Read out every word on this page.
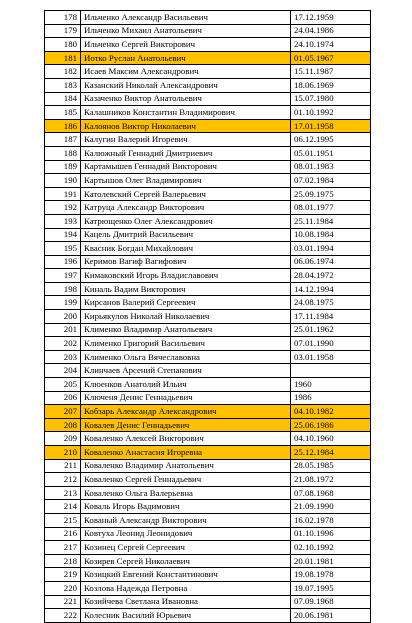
178	Ильченко Александр Васильевич	17.12.1959
179	Ильченко Михаил Анатольевич	24.04.1986
180	Ильченко Сергей Викторович	24.10.1974
181	Иотко Руслан Анатольевич	01.05.1967
182	Исаев Максим Александрович	15.11.1987
183	Казанский Николай Александрович	18.06.1969
184	Казаченко Виктор Анатольевич	15.07.1980
185	Калашников Константин Владимирович	01.10.1992
186	Калоянов Виктор Николаевич	17.01.1958
187	Калугин Валерий Игоревич	06.12.1995
188	Калюжный Геннадий Дмитриевич	05.01.1951
189	Картамышев Геннадий Викторович	08.01.1983
190	Картышов Олег Владимирович	07.02.1984
191	Католевский Сергей Валерьевич	25.09.1975
192	Катруца Александр Викторович	08.01.1977
193	Катрющенко Олег Александрович	25.11.1984
194	Кацель Дмитрий Васильевич	10.08.1984
195	Квасник Богдан Михайлович	03.01.1994
196	Керимов Вагиф Вагифович	06.06.1974
197	Кимаковский Игорь Владиславович	28.04.1972
198	Киналь Вадим Викторович	14.12.1994
199	Кирсанов Валерий Сергеевич	24.08.1975
200	Кирьякулов Николай Николаевич	17.11.1984
201	Клименко Владимир Анатольевич	25.01.1962
202	Клименко Григорий Васильевич	07.01.1990
203	Клименко Ольга Вячеславовна	03.01.1958
204	Клинчаев Арсений Степанович	
205	Клюенков Анатолий Ильич	1960
206	Ключеня Денис Геннадьевич	1986
207	Кобзарь Александр Александрович	04.10.1982
208	Ковалев Денис Геннадьевич	25.06.1986
209	Коваленко Алексей Викторович	04.10.1960
210	Коваленко Анастасия Игоревна	25.12.1984
211	Коваленко Владимир Анатольевич	28.05.1985
212	Коваленко Сергей Геннадьевич	21.08.1972
213	Коваленко Ольга Валерьевна	07.08.1968
214	Коваль Игорь Вадимович	21.09.1990
215	Кованый Александр Викторович	16.02.1978
216	Ковтуха Леонид Леонидович	01.10.1996
217	Козинец Сергей Сергеевич	02.10.1992
218	Козирев Сергей Николаевич	20.01.1981
219	Козицкий Евгений Константинович	19.08.1978
220	Козлова Надежда Петровна	19.07.1995
221	Козийчева Светлана Ивановна	07.09.1968
222	Колесник Василий Юрьевич	20.06.1981
